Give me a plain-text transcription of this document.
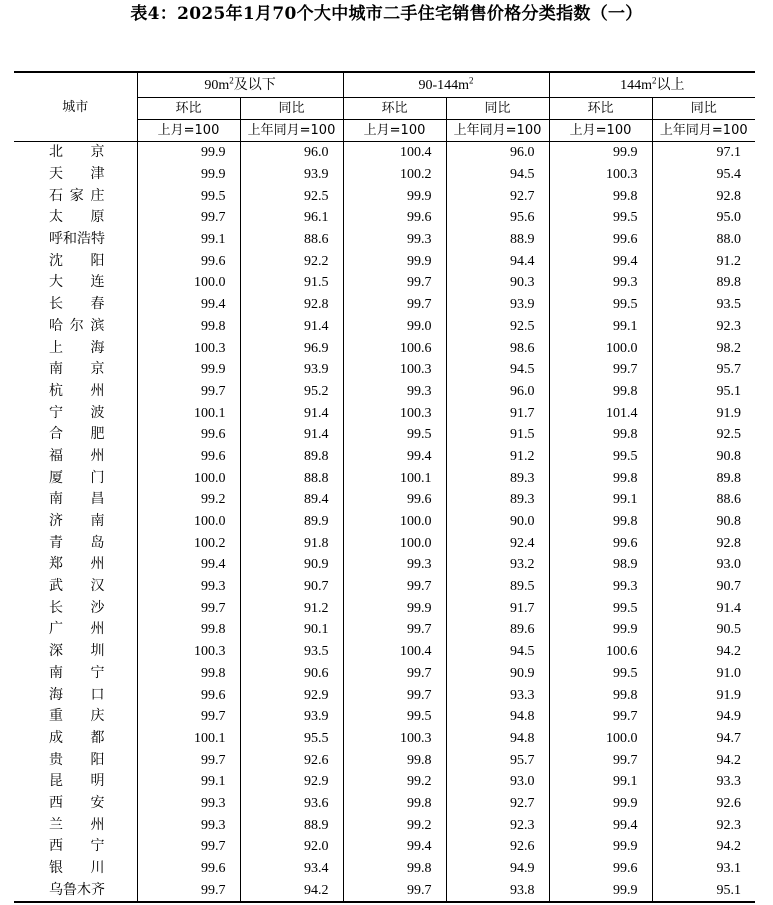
表4：2025年1月70个大中城市二手住宅销售价格分类指数（一）
城市	$90m^2$及以下		$90-144m^2$		$144m^2$以上	
	环比	同比	环比	同比	环比	同比
	上月=100	上年同月=100	上月=100	上年同月=100	上月=100	上年同月=100
北京	99.9	96.0	100.4	96.0	99.9	97.1
天津	99.9	93.9	100.2	94.5	100.3	95.4
石家庄	99.5	92.5	99.9	92.7	99.8	92.8
太原	99.7	96.1	99.6	95.6	99.5	95.0
呼和浩特	99.1	88.6	99.3	88.9	99.6	88.0
沈阳	99.6	92.2	99.9	94.4	99.4	91.2
大连	100.0	91.5	99.7	90.3	99.3	89.8
长春	99.4	92.8	99.7	93.9	99.5	93.5
哈尔滨	99.8	91.4	99.0	92.5	99.1	92.3
上海	100.3	96.9	100.6	98.6	100.0	98.2
南京	99.9	93.9	100.3	94.5	99.7	95.7
杭州	99.7	95.2	99.3	96.0	99.8	95.1
宁波	100.1	91.4	100.3	91.7	101.4	91.9
合肥	99.6	91.4	99.5	91.5	99.8	92.5
福州	99.6	89.8	99.4	91.2	99.5	90.8
厦门	100.0	88.8	100.1	89.3	99.8	89.8
南昌	99.2	89.4	99.6	89.3	99.1	88.6
济南	100.0	89.9	100.0	90.0	99.8	90.8
青岛	100.2	91.8	100.0	92.4	99.6	92.8
郑州	99.4	90.9	99.3	93.2	98.9	93.0
武汉	99.3	90.7	99.7	89.5	99.3	90.7
长沙	99.7	91.2	99.9	91.7	99.5	91.4
广州	99.8	90.1	99.7	89.6	99.9	90.5
深圳	100.3	93.5	100.4	94.5	100.6	94.2
南宁	99.8	90.6	99.7	90.9	99.5	91.0
海口	99.6	92.9	99.7	93.3	99.8	91.9
重庆	99.7	93.9	99.5	94.8	99.7	94.9
成都	100.1	95.5	100.3	94.8	100.0	94.7
贵阳	99.7	92.6	99.8	95.7	99.7	94.2
昆明	99.1	92.9	99.2	93.0	99.1	93.3
西安	99.3	93.6	99.8	92.7	99.9	92.6
兰州	99.3	88.9	99.2	92.3	99.4	92.3
西宁	99.7	92.0	99.4	92.6	99.9	94.2
银川	99.6	93.4	99.8	94.9	99.6	93.1
乌鲁木齐	99.7	94.2	99.7	93.8	99.9	95.1
